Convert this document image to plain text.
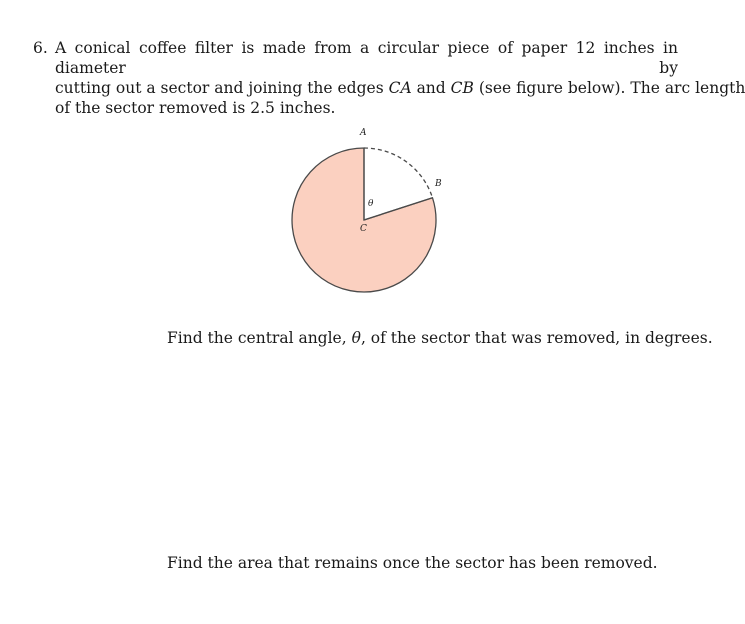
6. A conical coffee filter is made from a circular piece of paper 12 inches in diameter by
cutting out a sector and joining the edges CA and CB (see figure below). The arc length
of the sector removed is 2.5 inches.
A
B
C
θ
Find the central angle, θ, of the sector that was removed, in degrees.
Find the area that remains once the sector has been removed.
